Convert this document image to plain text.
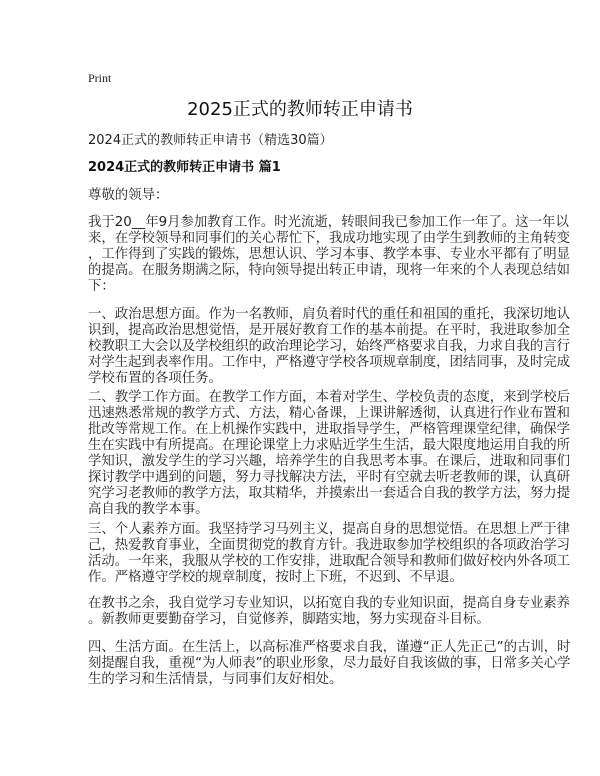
Print
2025正式的教师转正申请书
2024正式的教师转正申请书（精选30篇）
2024正式的教师转正申请书 篇1
尊敬的领导：
我于20__年9月参加教育工作。时光流逝，转眼间我已参加工作一年了。这一年以
来，在学校领导和同事们的关心帮忙下，我成功地实现了由学生到教师的主角转变
，工作得到了实践的锻炼，思想认识、学习本事、教学本事、专业水平都有了明显
的提高。在服务期满之际，特向领导提出转正申请，现将一年来的个人表现总结如
下：
一、政治思想方面。作为一名教师，肩负着时代的重任和祖国的重托，我深切地认
识到，提高政治思想觉悟，是开展好教育工作的基本前提。在平时，我进取参加全
校教职工大会以及学校组织的政治理论学习，始终严格要求自我，力求自我的言行
对学生起到表率作用。工作中，严格遵守学校各项规章制度，团结同事，及时完成
学校布置的各项任务。
二、教学工作方面。在教学工作方面，本着对学生、学校负责的态度，来到学校后
迅速熟悉常规的教学方式、方法，精心备课，上课讲解透彻，认真进行作业布置和
批改等常规工作。在上机操作实践中，进取指导学生，严格管理课堂纪律，确保学
生在实践中有所提高。在理论课堂上力求贴近学生生活，最大限度地运用自我的所
学知识，激发学生的学习兴趣，培养学生的自我思考本事。在课后，进取和同事们
探讨教学中遇到的问题，努力寻找解决方法，平时有空就去听老教师的课，认真研
究学习老教师的教学方法，取其精华，并摸索出一套适合自我的教学方法，努力提
高自我的教学本事。
三、个人素养方面。我坚持学习马列主义，提高自身的思想觉悟。在思想上严于律
己，热爱教育事业，全面贯彻党的教育方针。我进取参加学校组织的各项政治学习
活动。一年来，我服从学校的工作安排，进取配合领导和教师们做好校内外各项工
作。严格遵守学校的规章制度，按时上下班，不迟到、不早退。
在教书之余，我自觉学习专业知识，以拓宽自我的专业知识面，提高自身专业素养
。新教师更要勤奋学习，自觉修养，脚踏实地，努力实现奋斗目标。
四、生活方面。在生活上，以高标准严格要求自我，谨遵“正人先正己”的古训，时
刻提醒自我，重视“为人师表”的职业形象，尽力最好自我该做的事，日常多关心学
生的学习和生活情景，与同事们友好相处。
